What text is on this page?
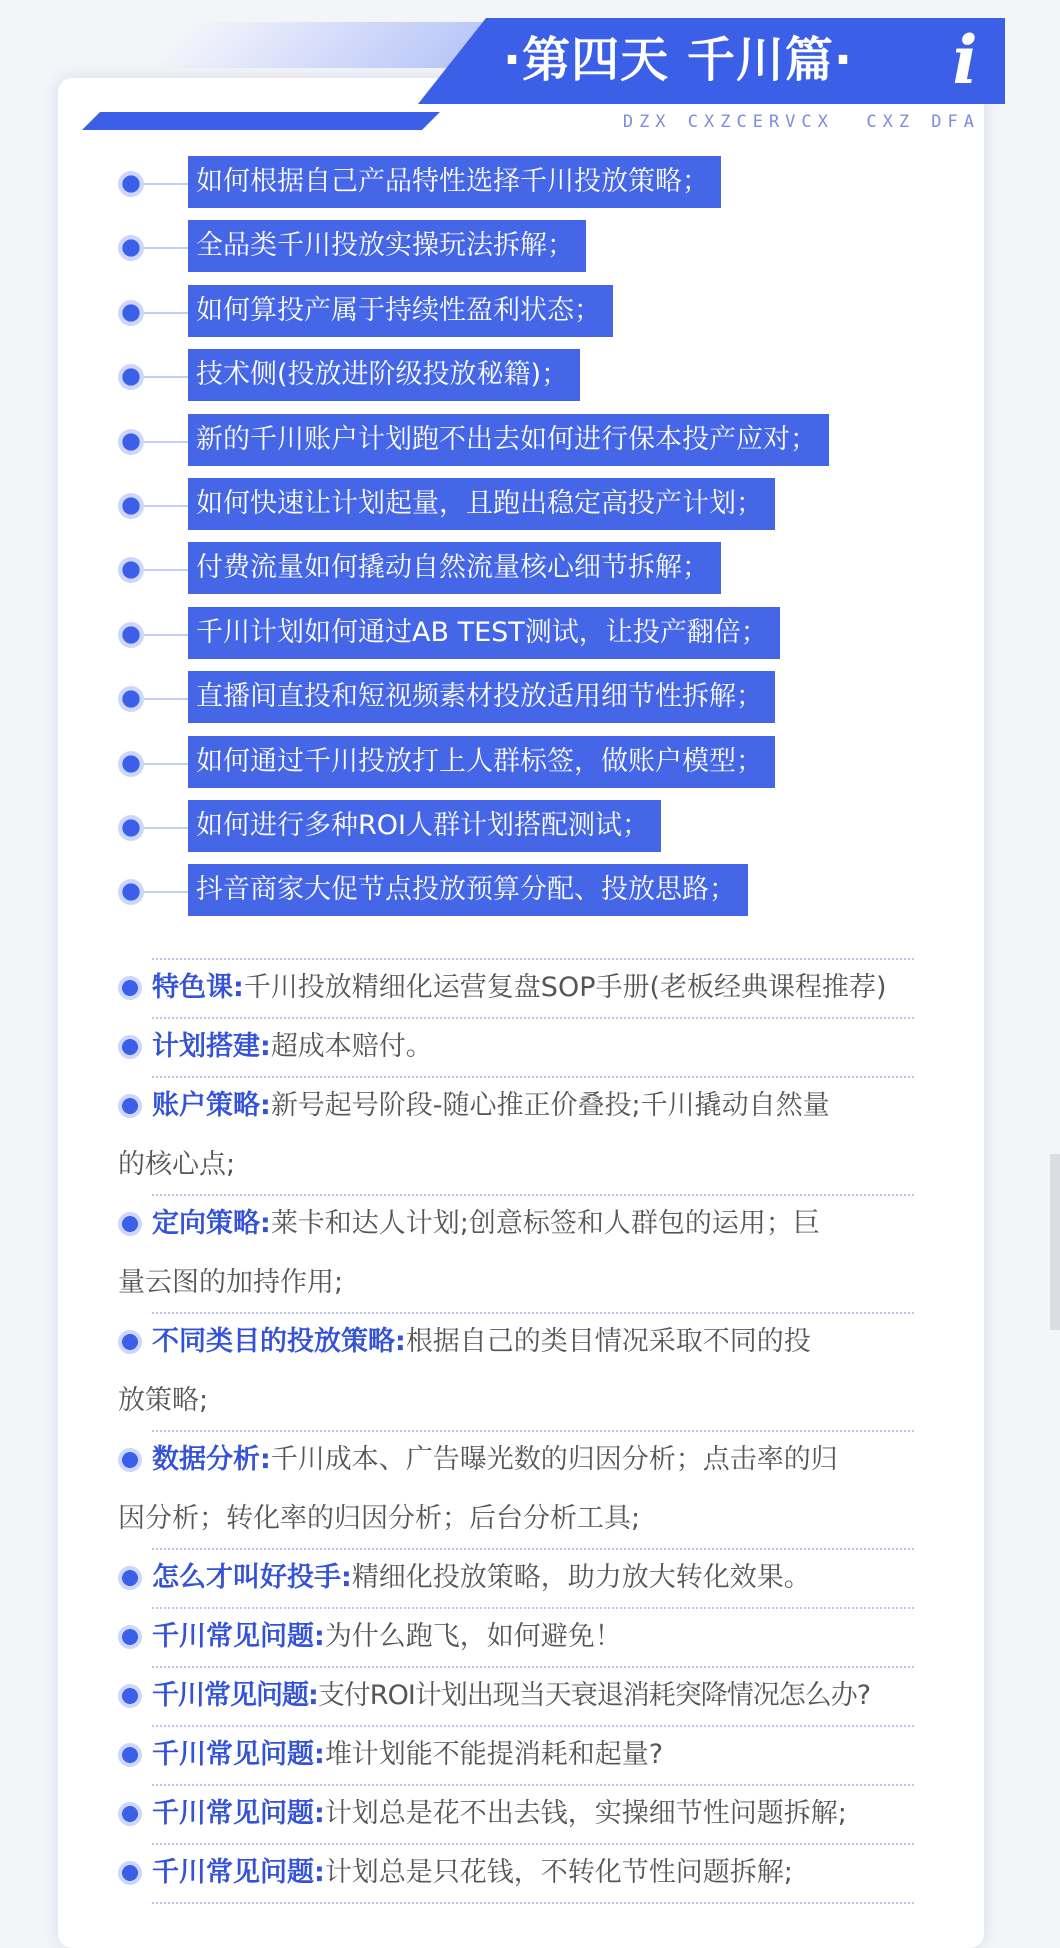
·第四天 千川篇·	i
DZX CXZCERVCX  CXZ DFA
如何根据自己产品特性选择千川投放策略；
全品类千川投放实操玩法拆解；
如何算投产属于持续性盈利状态；
技术侧(投放进阶级投放秘籍)；
新的千川账户计划跑不出去如何进行保本投产应对；
如何快速让计划起量，且跑出稳定高投产计划；
付费流量如何撬动自然流量核心细节拆解；
千川计划如何通过AB TEST测试，让投产翻倍；
直播间直投和短视频素材投放适用细节性拆解；
如何通过千川投放打上人群标签，做账户模型；
如何进行多种ROI人群计划搭配测试；
抖音商家大促节点投放预算分配、投放思路；
特色课:千川投放精细化运营复盘SOP手册(老板经典课程推荐)
计划搭建:超成本赔付。
账户策略:新号起号阶段-随心推正价叠投;千川撬动自然量
的核心点;
定向策略:莱卡和达人计划;创意标签和人群包的运用；巨
量云图的加持作用;
不同类目的投放策略:根据自己的类目情况采取不同的投
放策略;
数据分析:千川成本、广告曝光数的归因分析；点击率的归
因分析；转化率的归因分析；后台分析工具;
怎么才叫好投手:精细化投放策略，助力放大转化效果。
千川常见问题:为什么跑飞，如何避免！
千川常见问题:支付ROI计划出现当天衰退消耗突降情况怎么办?
千川常见问题:堆计划能不能提消耗和起量?
千川常见问题:计划总是花不出去钱，实操细节性问题拆解;
千川常见问题:计划总是只花钱，不转化节性问题拆解;
